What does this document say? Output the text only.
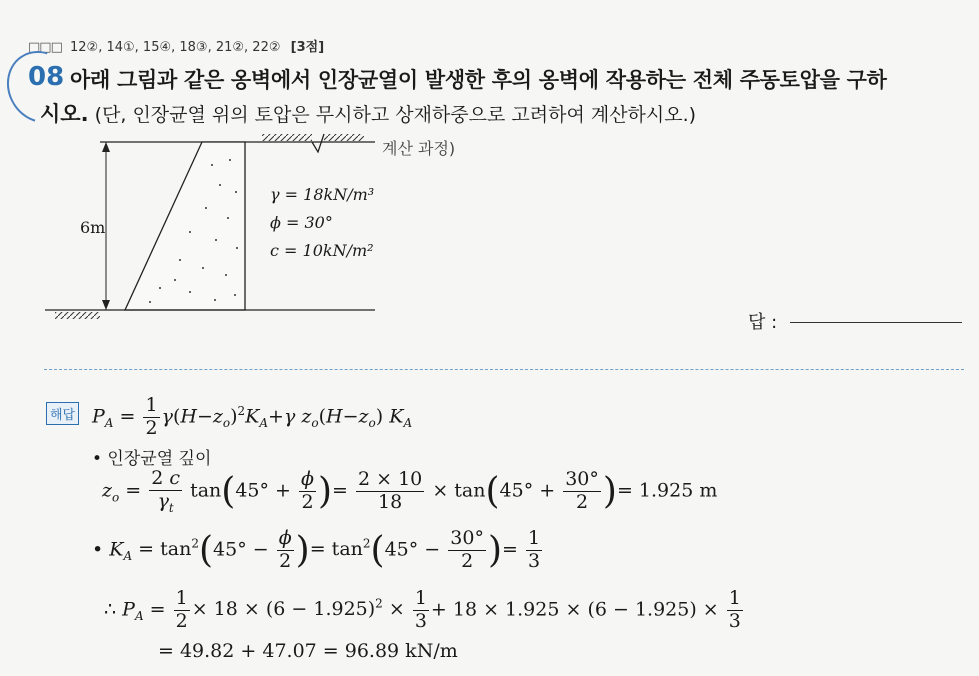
□□□ 12②, 14①, 15④, 18③, 21②, 22② [3점]
08 아래 그림과 같은 옹벽에서 인장균열이 발생한 후의 옹벽에 작용하는 전체 주동토압을 구하
시오. (단, 인장균열 위의 토압은 무시하고 상재하중으로 고려하여 계산하시오.)
6m
γ = 18kN/m³
ϕ = 30°
c = 10kN/m²
계산 과정)
답 :
해답 $P_A = \frac{1}{2} \gamma(H-z_o)^2K_A+\gamma$ $z_o(H-z_o)$ $K_A$
• 인장균열 깊이
$z_o = \frac{2 c}{\gamma_t} \tan(45^\circ + \frac{\phi}{2}$ )= $\frac{2 \times 10}{18} \times \tan(45^\circ + \frac{30^\circ}{2}$ )= 1.925 m
• $K_A = \tan^2(45^\circ - \frac{\phi}{2}$ )= $\tan^2(45^\circ - \frac{30^\circ}{2}$ )= $\frac{1}{3}$
∴ $P_A = \frac{1}{2} \times 18 \times (6 - 1.925)^2 \times \frac{1}{3} + 18 \times 1.925 \times (6 - 1.925) \times \frac{1}{3}$
= 49.82 + 47.07 = 96.89 kN/m
